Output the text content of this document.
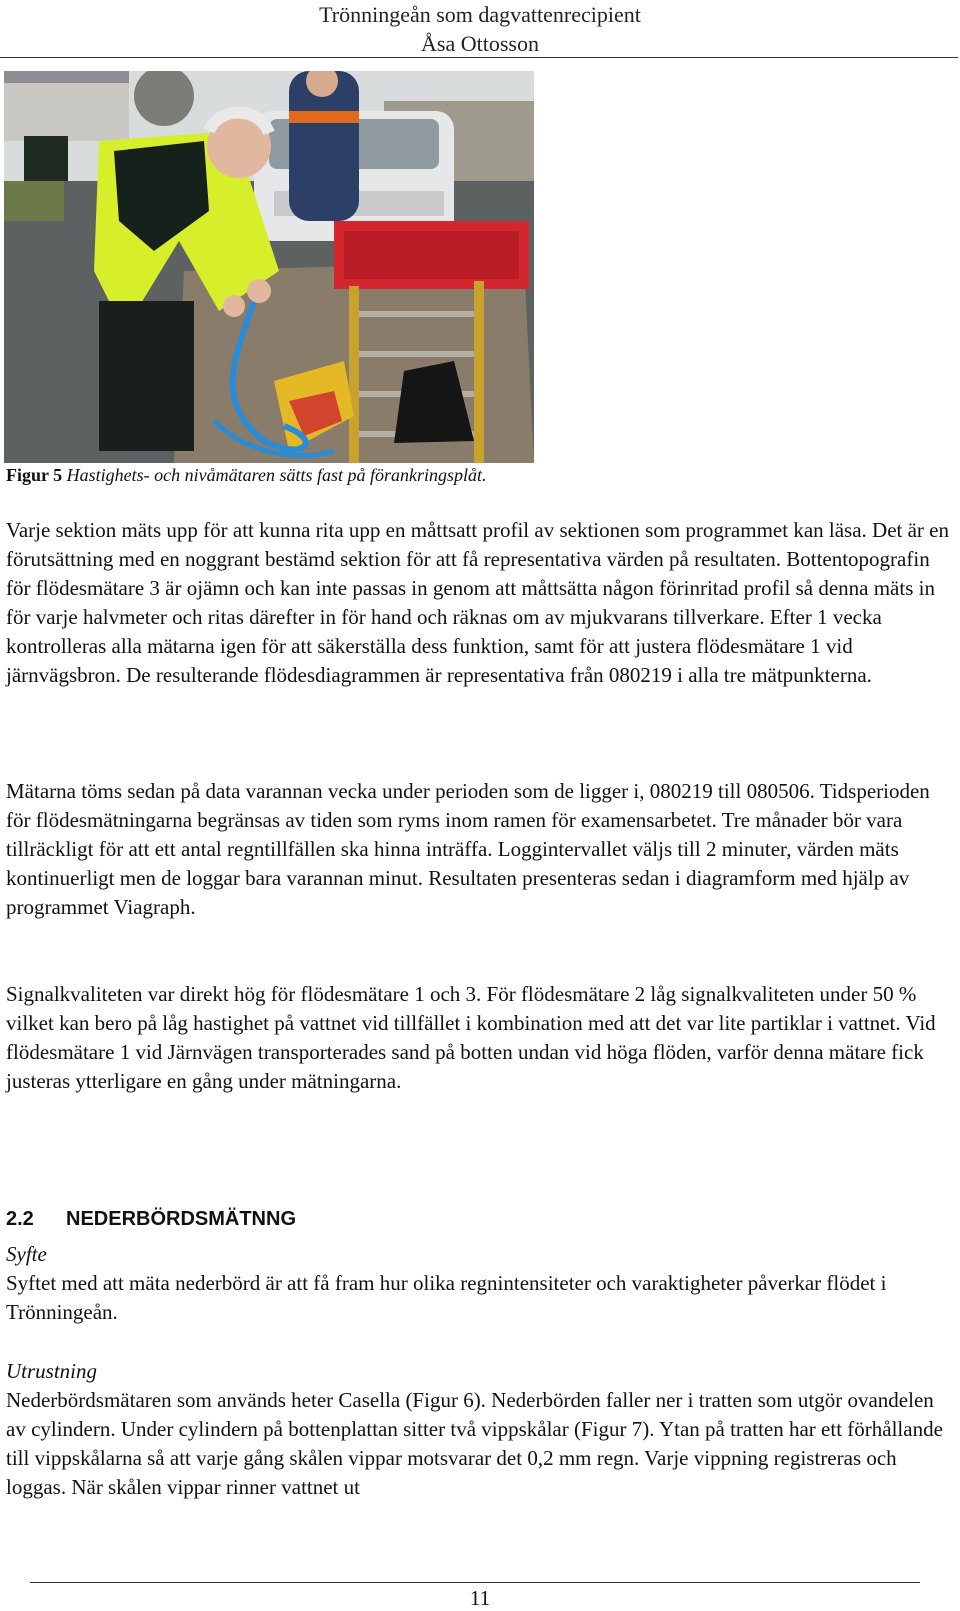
Trönningeån som dagvattenrecipient
Åsa Ottosson
Figur 5 Hastighets- och nivåmätaren sätts fast på förankringsplåt.

Varje sektion mäts upp för att kunna rita upp en måttsatt profil av sektionen som programmet kan läsa. Det är en förutsättning med en noggrant bestämd sektion för att få representativa värden på resultaten. Bottentopografin för flödesmätare 3 är ojämn och kan inte passas in genom att måttsätta någon förinritad profil så denna mäts in för varje halvmeter och ritas därefter in för hand och räknas om av mjukvarans tillverkare. Efter 1 vecka kontrolleras alla mätarna igen för att säkerställa dess funktion, samt för att justera flödesmätare 1 vid järnvägsbron. De resulterande flödesdiagrammen är representativa från 080219 i alla tre mätpunkterna.

Mätarna töms sedan på data varannan vecka under perioden som de ligger i, 080219 till 080506. Tidsperioden för flödesmätningarna begränsas av tiden som ryms inom ramen för examensarbetet. Tre månader bör vara tillräckligt för att ett antal regntillfällen ska hinna inträffa. Loggintervallet väljs till 2 minuter, värden mäts kontinuerligt men de loggar bara varannan minut. Resultaten presenteras sedan i diagramform med hjälp av programmet Viagraph.

Signalkvaliteten var direkt hög för flödesmätare 1 och 3. För flödesmätare 2 låg signalkvaliteten under 50 % vilket kan bero på låg hastighet på vattnet vid tillfället i kombination med att det var lite partiklar i vattnet. Vid flödesmätare 1 vid Järnvägen transporterades sand på botten undan vid höga flöden, varför denna mätare fick justeras ytterligare en gång under mätningarna.

2.2 NEDERBÖRDSMÄTNNG
Syfte

Syftet med att mäta nederbörd är att få fram hur olika regnintensiteter och varaktigheter påverkar flödet i Trönningeån.

Utrustning

Nederbördsmätaren som används heter Casella (Figur 6). Nederbörden faller ner i tratten som utgör ovandelen av cylindern. Under cylindern på bottenplattan sitter två vippskålar (Figur 7). Ytan på tratten har ett förhållande till vippskålarna så att varje gång skålen vippar motsvarar det 0,2 mm regn. Varje vippning registreras och loggas. När skålen vippar rinner vattnet ut

11
